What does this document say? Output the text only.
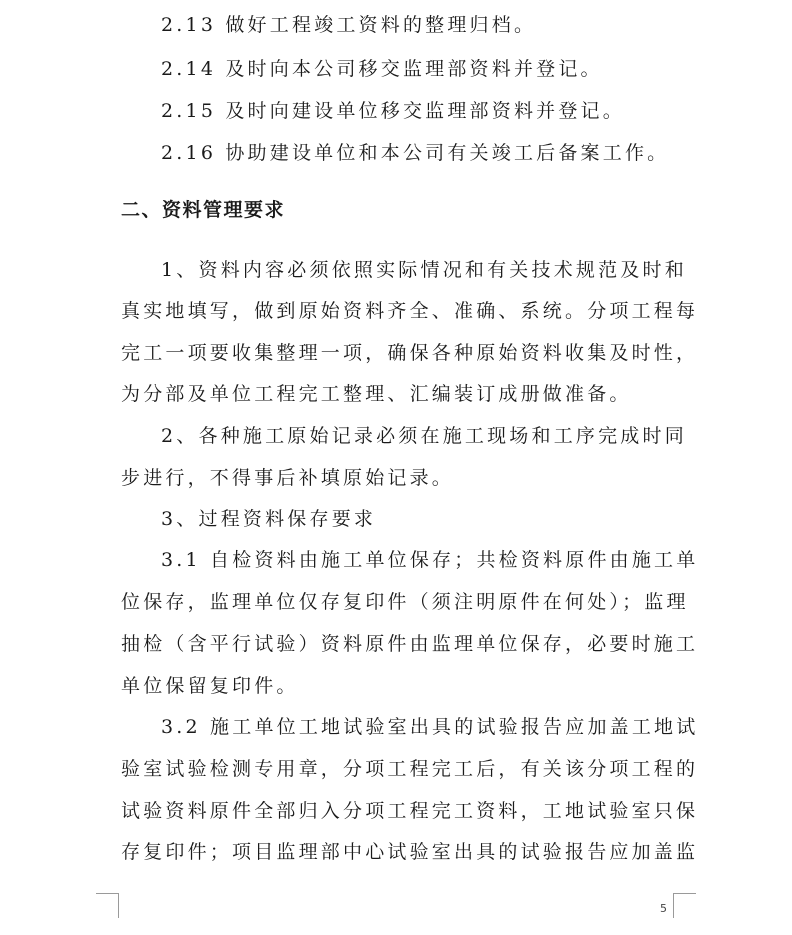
2.13 做好工程竣工资料的整理归档。

2.14 及时向本公司移交监理部资料并登记。

2.15 及时向建设单位移交监理部资料并登记。

2.16 协助建设单位和本公司有关竣工后备案工作。

二、资料管理要求

1、资料内容必须依照实际情况和有关技术规范及时和

真实地填写，做到原始资料齐全、准确、系统。分项工程每

完工一项要收集整理一项，确保各种原始资料收集及时性，

为分部及单位工程完工整理、汇编装订成册做准备。

2、各种施工原始记录必须在施工现场和工序完成时同

步进行，不得事后补填原始记录。

3、过程资料保存要求

3.1 自检资料由施工单位保存；共检资料原件由施工单

位保存，监理单位仅存复印件（须注明原件在何处）；监理

抽检（含平行试验）资料原件由监理单位保存，必要时施工

单位保留复印件。

3.2 施工单位工地试验室出具的试验报告应加盖工地试

验室试验检测专用章，分项工程完工后，有关该分项工程的

试验资料原件全部归入分项工程完工资料，工地试验室只保

存复印件；项目监理部中心试验室出具的试验报告应加盖监

5
